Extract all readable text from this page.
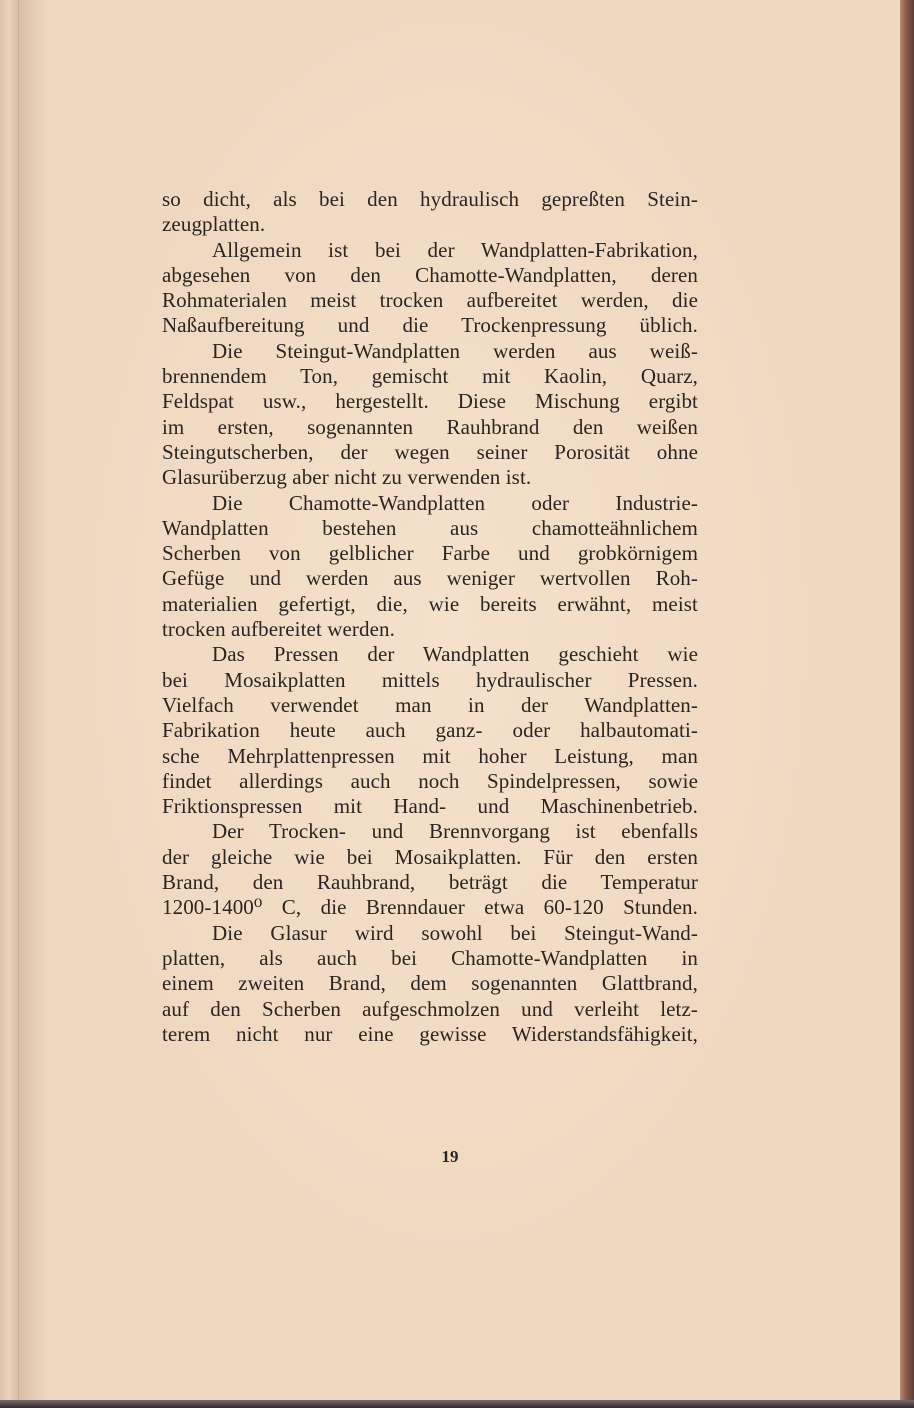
so dicht, als bei den hydraulisch gepreßten Stein-
zeugplatten.
Allgemein ist bei der Wandplatten-Fabrikation,
abgesehen von den Chamotte-Wandplatten, deren
Rohmaterialen meist trocken aufbereitet werden, die
Naßaufbereitung und die Trockenpressung üblich.
Die Steingut-Wandplatten werden aus weiß-
brennendem Ton, gemischt mit Kaolin, Quarz,
Feldspat usw., hergestellt. Diese Mischung ergibt
im ersten, sogenannten Rauhbrand den weißen
Steingutscherben, der wegen seiner Porosität ohne
Glasurüberzug aber nicht zu verwenden ist.
Die Chamotte-Wandplatten oder Industrie-
Wandplatten bestehen aus chamotteähnlichem
Scherben von gelblicher Farbe und grobkörnigem
Gefüge und werden aus weniger wertvollen Roh-
materialien gefertigt, die, wie bereits erwähnt, meist
trocken aufbereitet werden.
Das Pressen der Wandplatten geschieht wie
bei Mosaikplatten mittels hydraulischer Pressen.
Vielfach verwendet man in der Wandplatten-
Fabrikation heute auch ganz- oder halbautomati-
sche Mehrplattenpressen mit hoher Leistung, man
findet allerdings auch noch Spindelpressen, sowie
Friktionspressen mit Hand- und Maschinenbetrieb.
Der Trocken- und Brennvorgang ist ebenfalls
der gleiche wie bei Mosaikplatten. Für den ersten
Brand, den Rauhbrand, beträgt die Temperatur
1200-1400⁰ C, die Brenndauer etwa 60-120 Stunden.
Die Glasur wird sowohl bei Steingut-Wand-
platten, als auch bei Chamotte-Wandplatten in
einem zweiten Brand, dem sogenannten Glattbrand,
auf den Scherben aufgeschmolzen und verleiht letz-
terem nicht nur eine gewisse Widerstandsfähigkeit,
19
